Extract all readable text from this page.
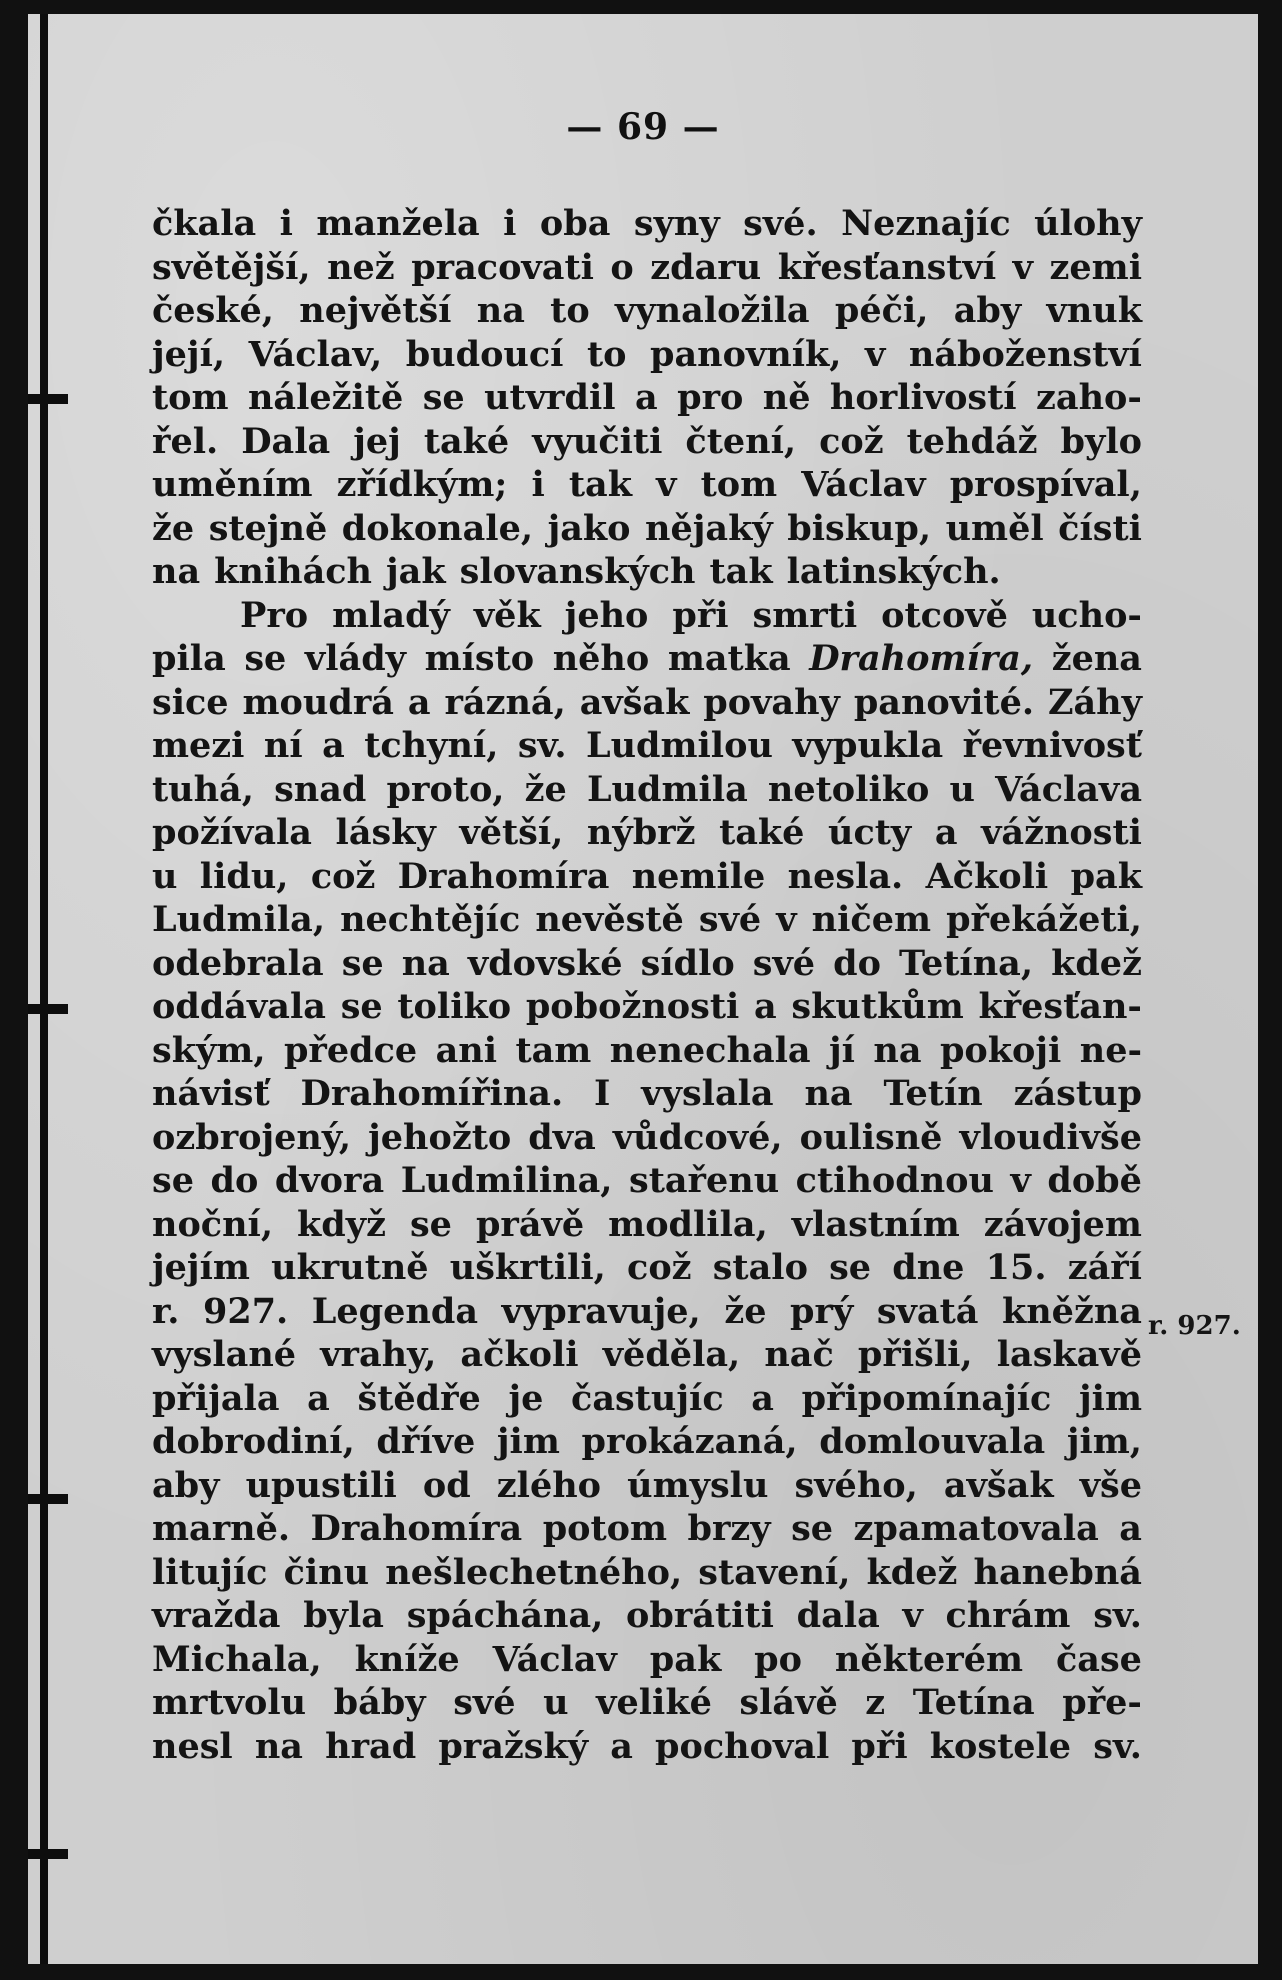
— 69 —
čkala i manžela i oba syny své. Neznajíc úlohy
světější, než pracovati o zdaru křesťanství v zemi
české, největší na to vynaložila péči, aby vnuk
její, Václav, budoucí to panovník, v náboženství
tom náležitě se utvrdil a pro ně horlivostí zaho-
řel. Dala jej také vyučiti čtení, což tehdáž bylo
uměním zřídkým; i tak v tom Václav prospíval,
že stejně dokonale, jako nějaký biskup, uměl čísti
na knihách jak slovanských tak latinských.
Pro mladý věk jeho při smrti otcově ucho-
pila se vlády místo něho matka Drahomíra, žena
sice moudrá a rázná, avšak povahy panovité. Záhy
mezi ní a tchyní, sv. Ludmilou vypukla řevnivosť
tuhá, snad proto, že Ludmila netoliko u Václava
požívala lásky větší, nýbrž také úcty a vážnosti
u lidu, což Drahomíra nemile nesla. Ačkoli pak
Ludmila, nechtějíc nevěstě své v ničem překážeti,
odebrala se na vdovské sídlo své do Tetína, kdež
oddávala se toliko pobožnosti a skutkům křesťan-
ským, předce ani tam nenechala jí na pokoji ne-
návisť Drahomířina. I vyslala na Tetín zástup
ozbrojený, jehožto dva vůdcové, oulisně vloudivše
se do dvora Ludmilina, stařenu ctihodnou v době
noční, když se právě modlila, vlastním závojem
jejím ukrutně uškrtili, což stalo se dne 15. září
r. 927. Legenda vypravuje, že prý svatá kněžna
vyslané vrahy, ačkoli věděla, nač přišli, laskavě
přijala a štědře je častujíc a připomínajíc jim
dobrodiní, dříve jim prokázaná, domlouvala jim,
aby upustili od zlého úmyslu svého, avšak vše
marně. Drahomíra potom brzy se zpamatovala a
litujíc činu nešlechetného, stavení, kdež hanebná
vražda byla spáchána, obrátiti dala v chrám sv.
Michala, kníže Václav pak po některém čase
mrtvolu báby své u veliké slávě z Tetína pře-
nesl na hrad pražský a pochoval při kostele sv.
r. 927.
